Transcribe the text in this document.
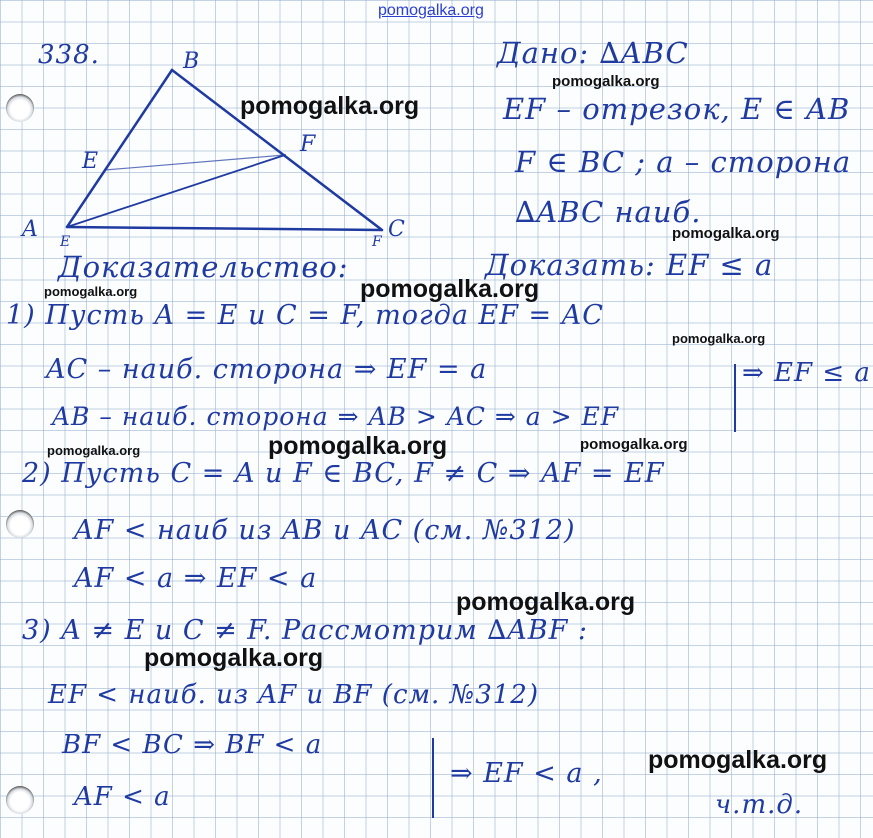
B
E
F
A	C
E	F
338.	Дано: ∆ABC
EF – отрезок, E ∈ AB
F ∈ BC ; a – сторона
∆ABC наиб.
Доказать: EF ≤ a
Доказательство:
1) Пусть A = E и C = F, тогда EF = AC
AC – наиб. сторона ⇒ EF = a
AB – наиб. сторона ⇒ AB > AC ⇒ a > EF
⇒ EF ≤ a
2) Пусть C = A и F ∈ BC, F ≠ C ⇒ AF = EF
AF < наиб из AB и AC (см. №312)
AF < a ⇒ EF < a
3) A ≠ E и C ≠ F. Рассмотрим ∆ABF :
EF < наиб. из AF и BF (см. №312)
BF < BC ⇒ BF < a
AF < a
⇒ EF < a ,
ч.т.д.
pomogalka.org
pomogalka.org
pomogalka.org
pomogalka.org
pomogalka.org	pomogalka.org
pomogalka.org
pomogalka.org	pomogalka.org	pomogalka.org
pomogalka.org
pomogalka.org
pomogalka.org
